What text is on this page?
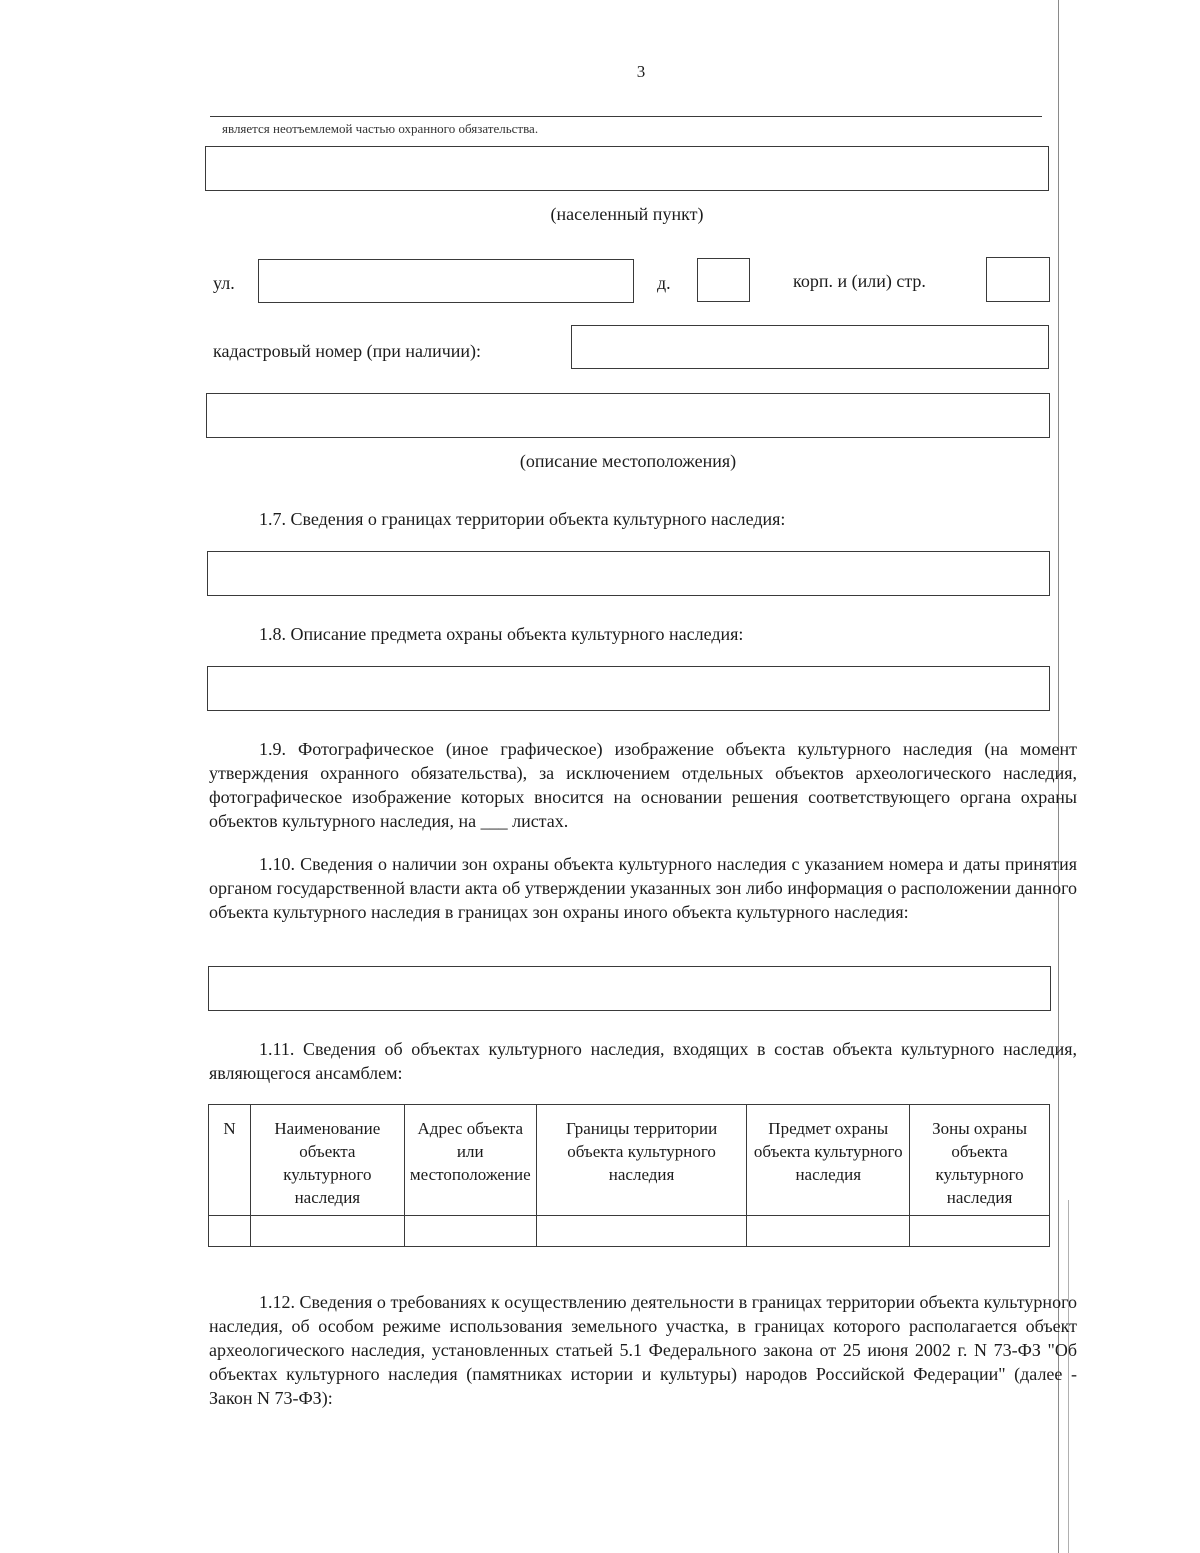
3
является неотъемлемой частью охранного обязательства.
(населенный пункт)
ул.	д.	корп. и (или) стр.
кадастровый номер (при наличии):
(описание местоположения)
1.7. Сведения о границах территории объекта культурного наследия:
1.8. Описание предмета охраны объекта культурного наследия:

1.9. Фотографическое (иное графическое) изображение объекта культурного наследия (на момент утверждения охранного обязательства), за исключением отдельных объектов археологического наследия, фотографическое изображение которых вносится на основании решения соответствующего органа охраны объектов культурного наследия, на ___ листах.

1.10. Сведения о наличии зон охраны объекта культурного наследия с указанием номера и даты принятия органом государственной власти акта об утверждении указанных зон либо информация о расположении данного объекта культурного наследия в границах зон охраны иного объекта культурного наследия:

1.11. Сведения об объектах культурного наследия, входящих в состав объекта культурного наследия, являющегося ансамблем:

N	Наименование объекта культурного наследия	Адрес объекта или местоположение	Границы территории объекта культурного наследия	Предмет охраны объекта культурного наследия	Зоны охраны объекта культурного наследия

1.12. Сведения о требованиях к осуществлению деятельности в границах территории объекта культурного наследия, об особом режиме использования земельного участка, в границах которого располагается объект археологического наследия, установленных статьей 5.1 Федерального закона от 25 июня 2002 г. N 73-ФЗ "Об объектах культурного наследия (памятниках истории и культуры) народов Российской Федерации" (далее - Закон N 73-ФЗ):
